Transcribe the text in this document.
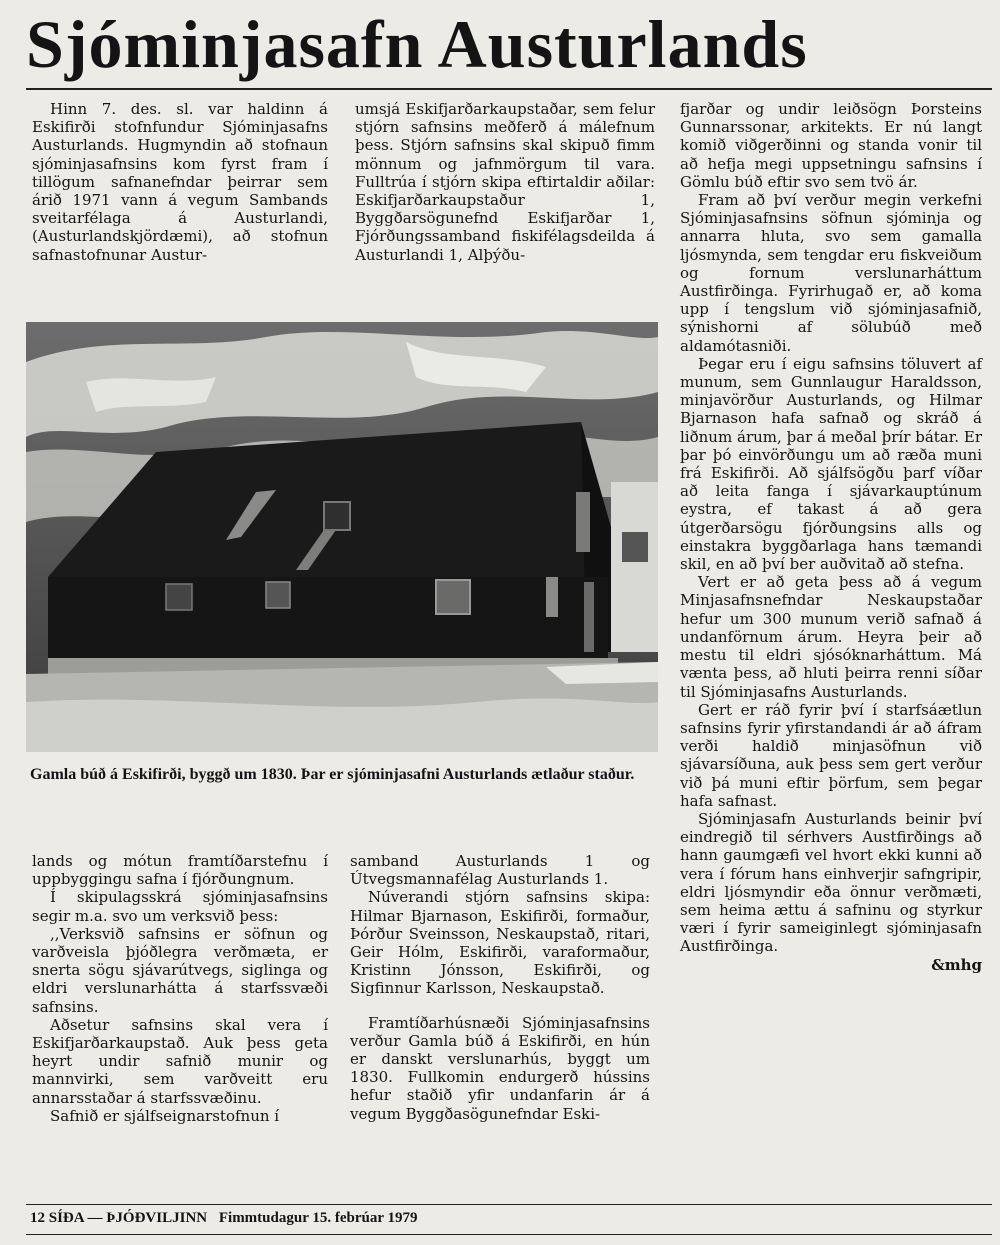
Sjóminjasafn Austurlands

Hinn 7. des. sl. var haldinn á Eskifirði stofnfundur Sjóminjasafns Austurlands. Hugmyndin að stofnaun sjóminjasafnsins kom fyrst fram í tillögum safnanefndar þeirrar sem árið 1971 vann á vegum Sambands sveitarfélaga á Austurlandi, (Austurlandskjördæmi), að stofnun safnastofnunar Austur-

umsjá Eskifjarðarkaupstaðar, sem felur stjórn safnsins meðferð á málefnum þess. Stjórn safnsins skal skipuð fimm mönnum og jafnmörgum til vara. Fulltrúa í stjórn skipa eftirtaldir aðilar: Eskifjarðarkaupstaður 1, Byggðarsögunefnd Eskifjarðar 1, Fjórðungssamband fiskifélagsdeilda á Austurlandi 1, Alþýðu-

fjarðar og undir leiðsögn Þorsteins Gunnarssonar, arkitekts. Er nú langt komið viðgerðinni og standa vonir til að hefja megi uppsetningu safnsins í Gömlu búð eftir svo sem tvö ár.

Fram að því verður megin verkefni Sjóminjasafnsins söfnun sjóminja og annarra hluta, svo sem gamalla ljósmynda, sem tengdar eru fiskveiðum og fornum verslunarháttum Austfirðinga. Fyrirhugað er, að koma upp í tengslum við sjóminjasafnið, sýnishorni af sölubúð með aldamótasniði.

Þegar eru í eigu safnsins töluvert af munum, sem Gunnlaugur Haraldsson, minjavörður Austurlands, og Hilmar Bjarnason hafa safnað og skráð á liðnum árum, þar á meðal þrír bátar. Er þar þó einvörðungu um að ræða muni frá Eskifirði. Að sjálfsögðu þarf víðar að leita fanga í sjávarkauptúnum eystra, ef takast á að gera útgerðarsögu fjórðungsins alls og einstakra byggðarlaga hans tæmandi skil, en að því ber auðvitað að stefna.

Vert er að geta þess að á vegum Minjasafnsnefndar Neskaupstaðar hefur um 300 munum verið safnað á undanförnum árum. Heyra þeir að mestu til eldri sjósóknarháttum. Má vænta þess, að hluti þeirra renni síðar til Sjóminjasafns Austurlands.

Gert er ráð fyrir því í starfsáætlun safnsins fyrir yfirstandandi ár að áfram verði haldið minjasöfnun við sjávarsíðuna, auk þess sem gert verður við þá muni eftir þörfum, sem þegar hafa safnast.

Sjóminjasafn Austurlands beinir því eindregið til sérhvers Austfirðings að hann gaumgæfi vel hvort ekki kunni að vera í fórum hans einhverjir safngripir, eldri ljósmyndir eða önnur verðmæti, sem heima ættu á safninu og styrkur væri í fyrir sameiginlegt sjóminjasafn Austfirðinga.

&mhg

Gamla búð á Eskifirði, byggð um 1830. Þar er sjóminjasafni Austurlands ætlaður staður.

lands og mótun framtíðarstefnu í uppbyggingu safna í fjórðungnum.

Í skipulagsskrá sjóminjasafnsins segir m.a. svo um verksvið þess:

,,Verksvið safnsins er söfnun og varðveisla þjóðlegra verðmæta, er snerta sögu sjávarútvegs, siglinga og eldri verslunarhátta á starfssvæði safnsins.

Aðsetur safnsins skal vera í Eskifjarðarkaupstað. Auk þess geta heyrt undir safnið munir og mannvirki, sem varðveitt eru annarsstaðar á starfssvæðinu.

Safnið er sjálfseignarstofnun í

samband Austurlands 1 og Útvegsmannafélag Austurlands 1.

Núverandi stjórn safnsins skipa: Hilmar Bjarnason, Eskifirði, formaður, Þórður Sveinsson, Neskaupstað, ritari, Geir Hólm, Eskifirði, varaformaður, Kristinn Jónsson, Eskifirði, og Sigfinnur Karlsson, Neskaupstað.

Framtíðarhúsnæði Sjóminjasafnsins verður Gamla búð á Eskifirði, en hún er danskt verslunarhús, byggt um 1830. Fullkomin endurgerð hússins hefur staðið yfir undanfarin ár á vegum Byggðasögunefndar Eski-

12 SÍÐA — ÞJÓÐVILJINN Fimmtudagur 15. febrúar 1979
